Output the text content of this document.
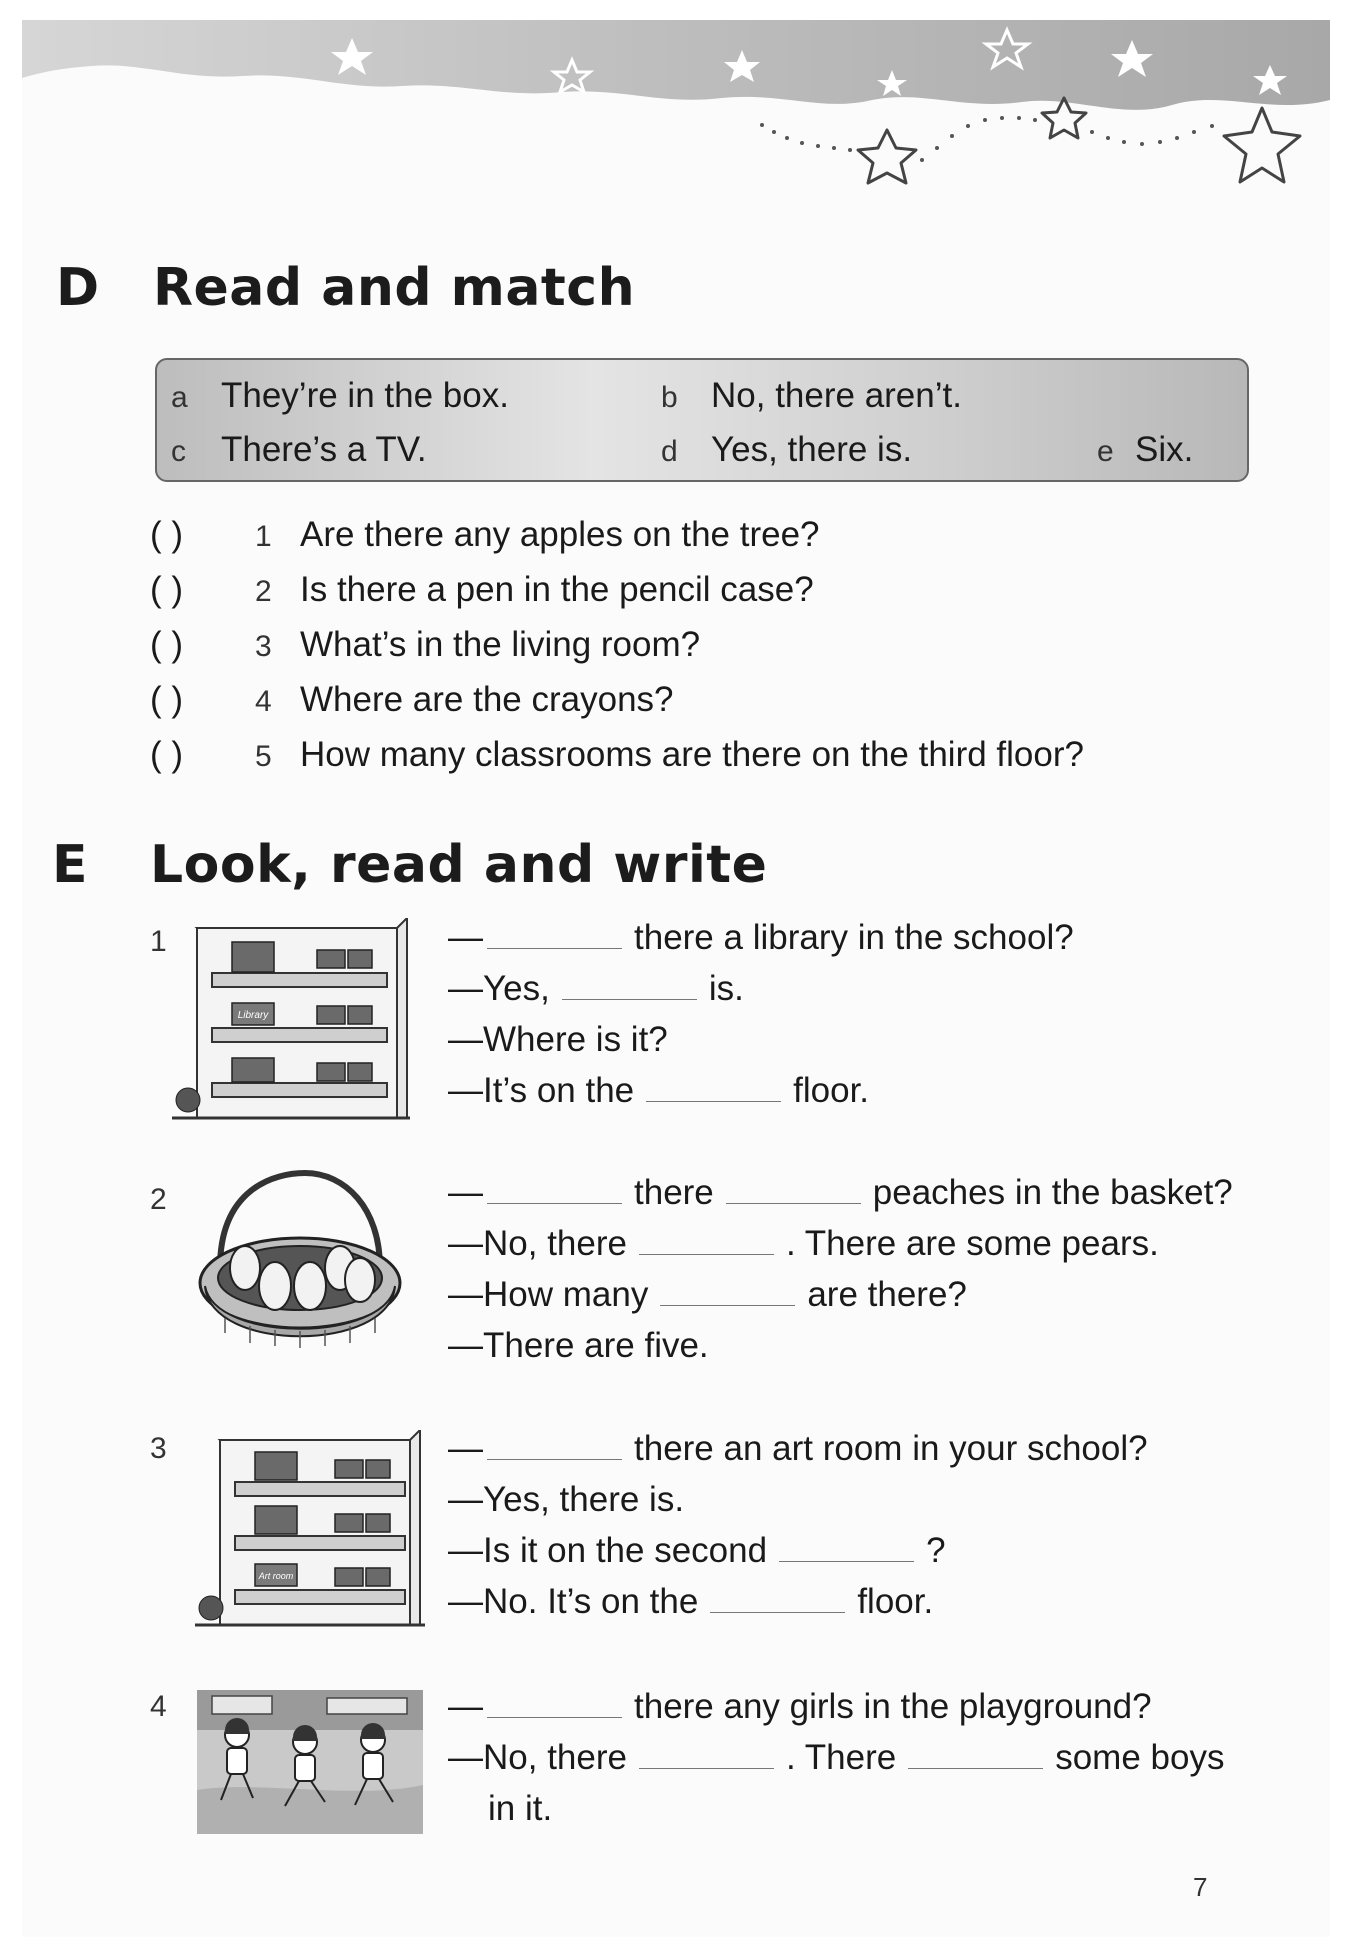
D Read and match
a They’re in the box.	b No, there aren’t.
c There’s a TV.	d Yes, there is.	e Six.
( ) 1 Are there any apples on the tree?
( ) 2 Is there a pen in the pencil case?
( ) 3 What’s in the living room?
( ) 4 Where are the crayons?
( ) 5 How many classrooms are there on the third floor?
E Look, read and write
1
Library
—	there a library in the school?
—Yes,	is.
—Where is it?
—It’s on the	floor.
2	—	there	peaches in the basket?
—No, there	. There are some pears.
—How many	are there?
—There are five.
3
Art room
—	there an art room in your school?
—Yes, there is.
—Is it on the second	?
—No. It’s on the	floor.
4	—	there any girls in the playground?
—No, there	. There	some boys
in it.
7
